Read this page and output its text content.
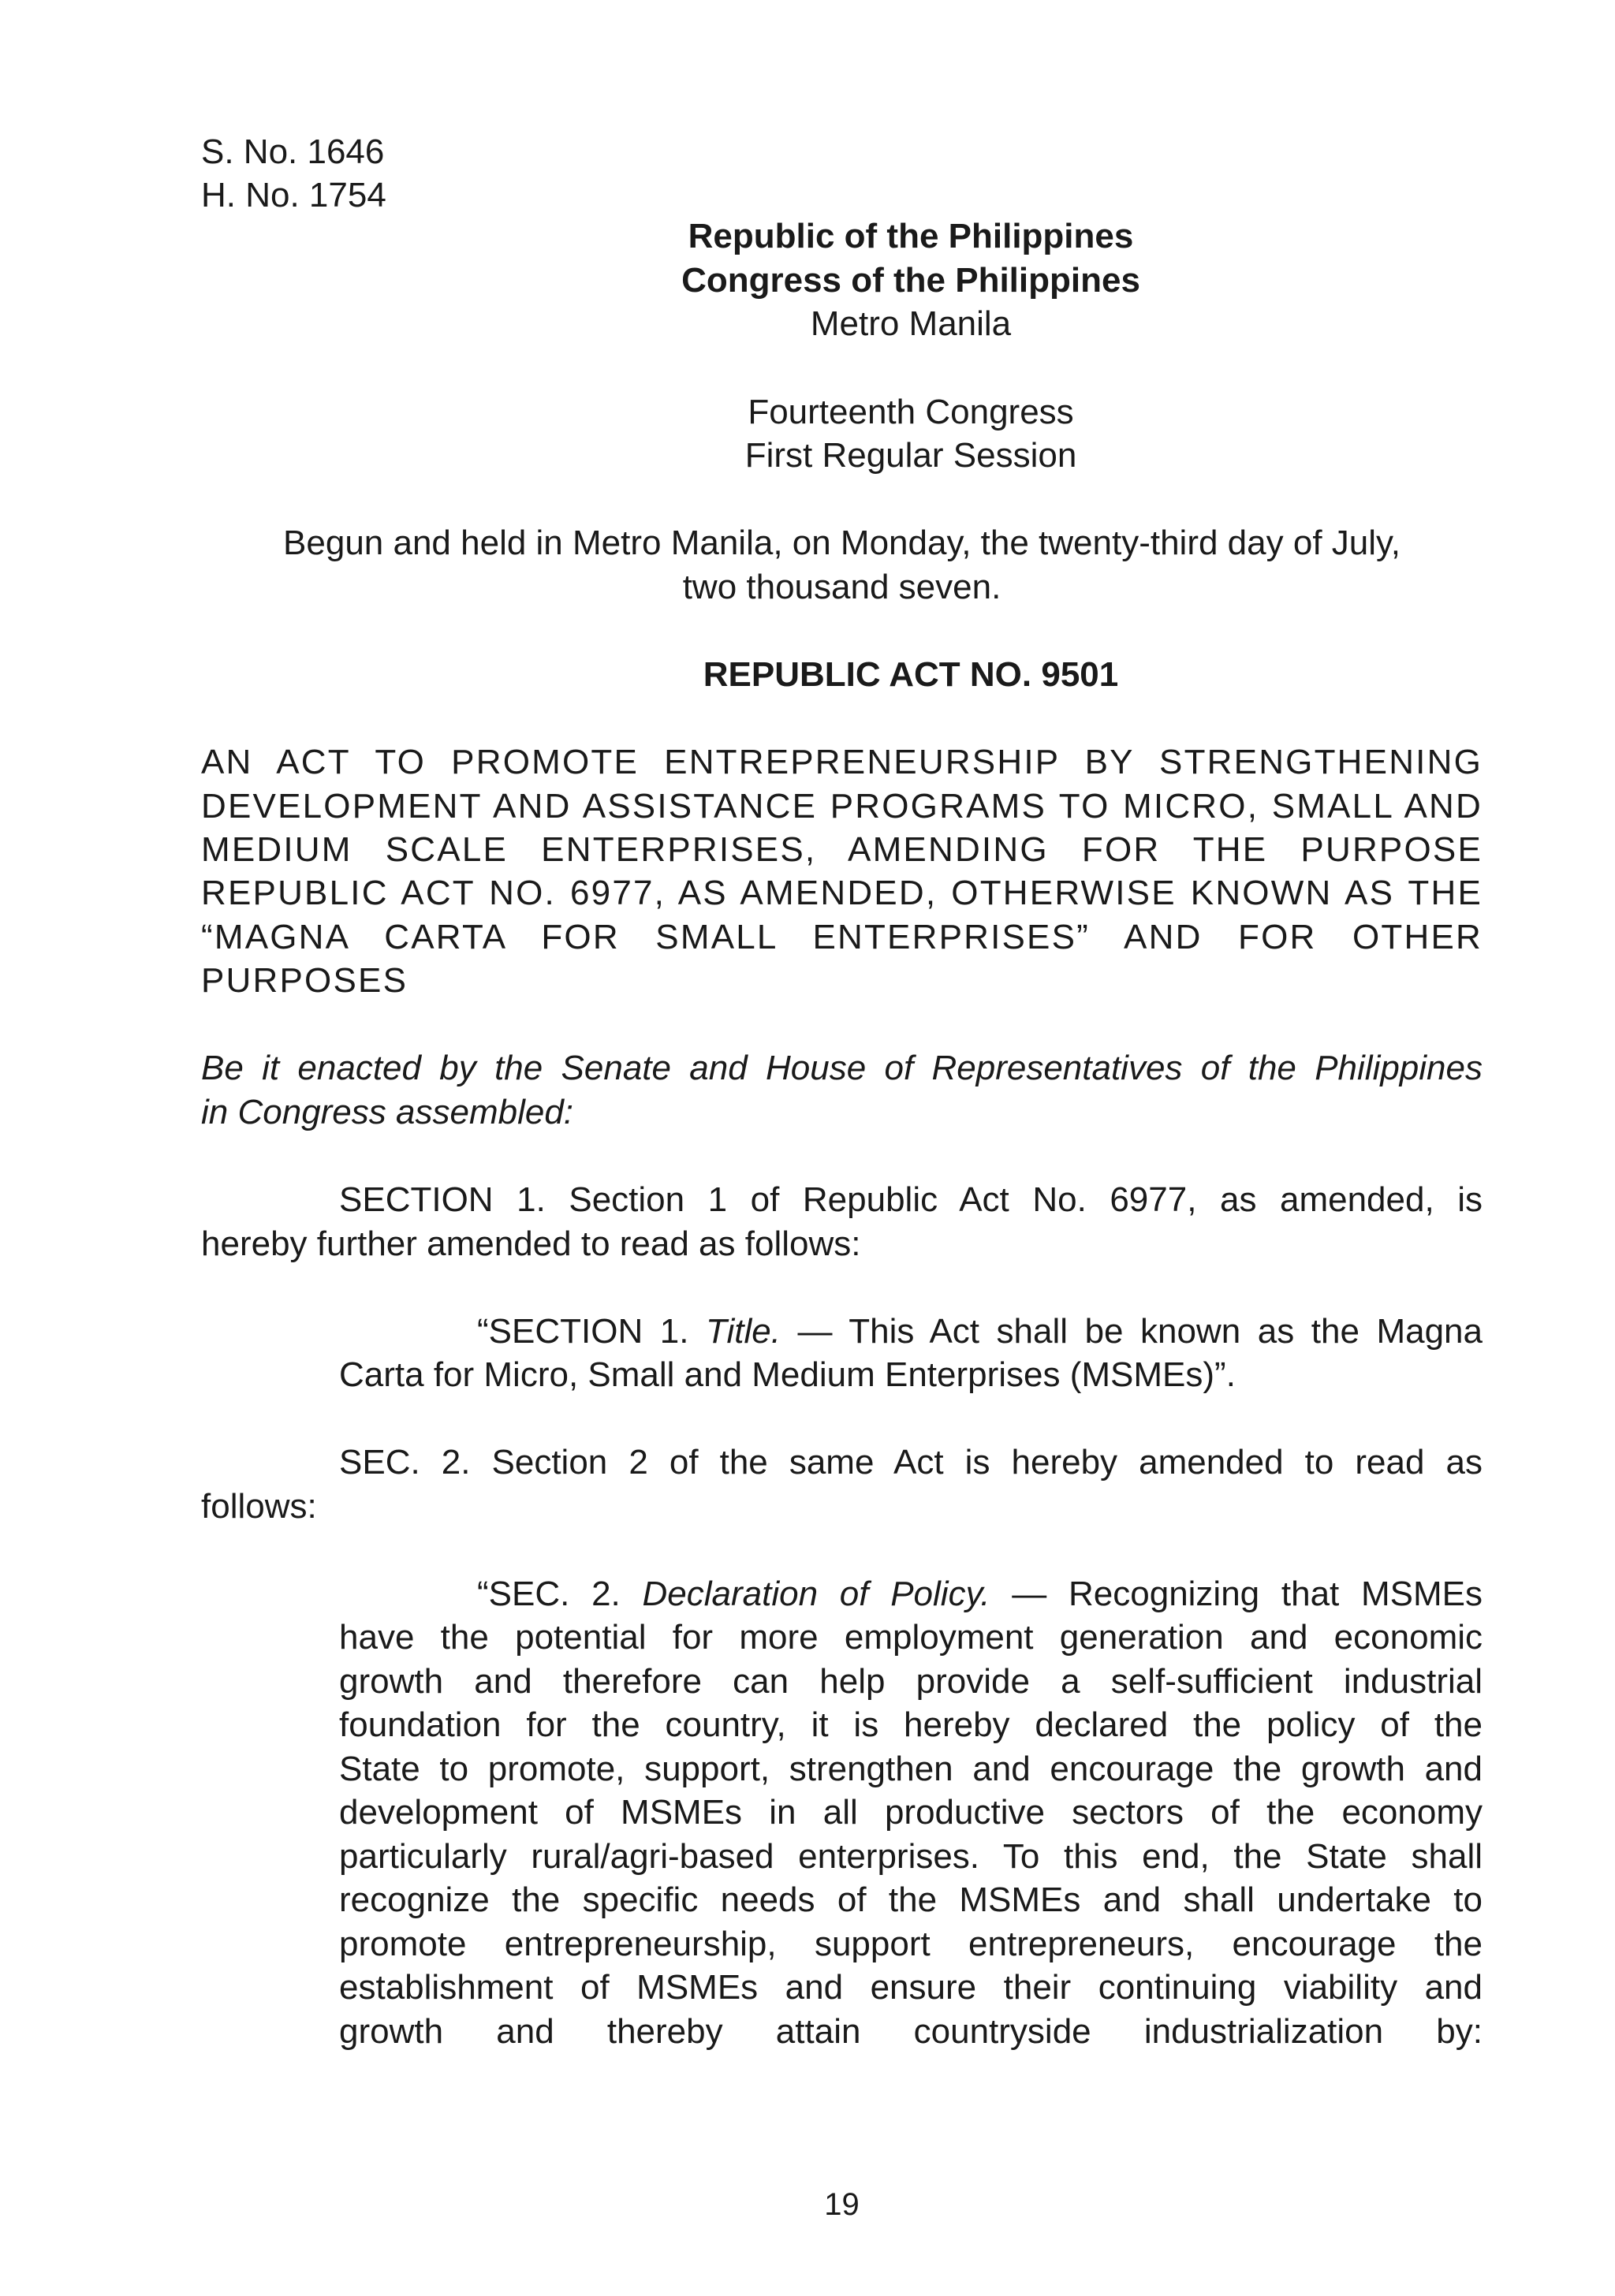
S. No. 1646
H. No. 1754
Republic of the Philippines
Congress of the Philippines
Metro Manila
Fourteenth Congress
First Regular Session
Begun and held in Metro Manila, on Monday, the twenty-third day of July,
two thousand seven.
REPUBLIC ACT NO. 9501
AN ACT TO PROMOTE ENTREPRENEURSHIP BY STRENGTHENING
DEVELOPMENT AND ASSISTANCE PROGRAMS TO MICRO, SMALL AND
MEDIUM SCALE ENTERPRISES, AMENDING FOR THE PURPOSE
REPUBLIC ACT NO. 6977, AS AMENDED, OTHERWISE KNOWN AS THE
“MAGNA CARTA FOR SMALL ENTERPRISES” AND FOR OTHER
PURPOSES
Be it enacted by the Senate and House of Representatives of the Philippines
in Congress assembled:
SECTION 1. Section 1 of Republic Act No. 6977, as amended, is
hereby further amended to read as follows:
“SECTION 1. Title. — This Act shall be known as the Magna
Carta for Micro, Small and Medium Enterprises (MSMEs)”.
SEC. 2. Section 2 of the same Act is hereby amended to read as
follows:
“SEC. 2. Declaration of Policy. — Recognizing that MSMEs
have the potential for more employment generation and economic
growth and therefore can help provide a self-sufficient industrial
foundation for the country, it is hereby declared the policy of the
State to promote, support, strengthen and encourage the growth and
development of MSMEs in all productive sectors of the economy
particularly rural/agri-based enterprises. To this end, the State shall
recognize the specific needs of the MSMEs and shall undertake to
promote entrepreneurship, support entrepreneurs, encourage the
establishment of MSMEs and ensure their continuing viability and
growth and thereby attain countryside industrialization by:
19
